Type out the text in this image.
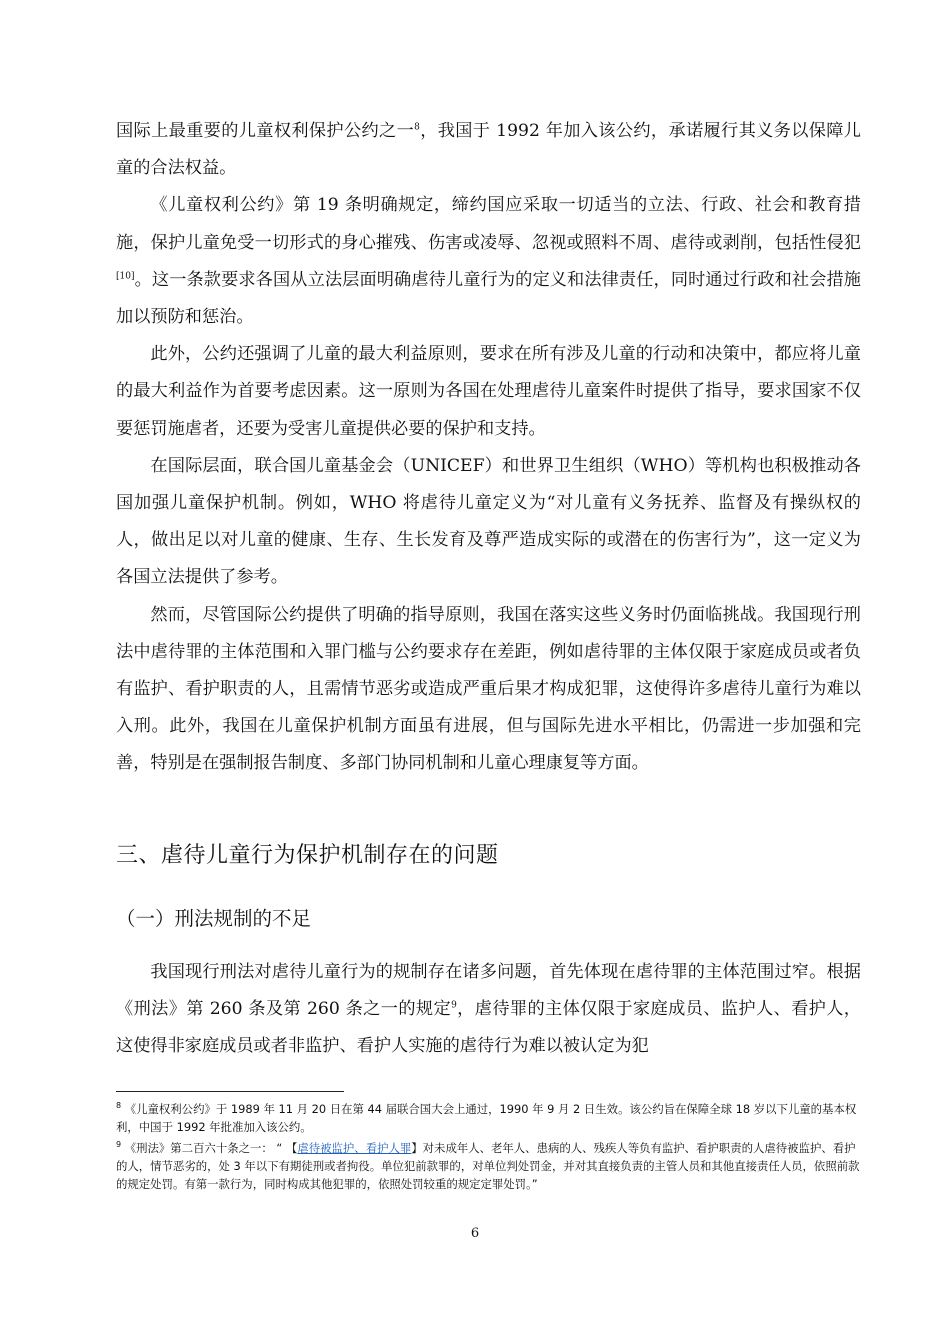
国际上最重要的儿童权利保护公约之一$^8$，我国于 1992 年加入该公约，承诺履行其义务以保障儿童的合法权益。

《儿童权利公约》第 19 条明确规定，缔约国应采取一切适当的立法、行政、社会和教育措施，保护儿童免受一切形式的身心摧残、伤害或凌辱、忽视或照料不周、虐待或剥削，包括性侵犯[10]。这一条款要求各国从立法层面明确虐待儿童行为的定义和法律责任，同时通过行政和社会措施加以预防和惩治。

此外，公约还强调了儿童的最大利益原则，要求在所有涉及儿童的行动和决策中，都应将儿童的最大利益作为首要考虑因素。这一原则为各国在处理虐待儿童案件时提供了指导，要求国家不仅要惩罚施虐者，还要为受害儿童提供必要的保护和支持。

在国际层面，联合国儿童基金会（UNICEF）和世界卫生组织（WHO）等机构也积极推动各国加强儿童保护机制。例如，WHO 将虐待儿童定义为“对儿童有义务抚养、监督及有操纵权的人，做出足以对儿童的健康、生存、生长发育及尊严造成实际的或潜在的伤害行为”，这一定义为各国立法提供了参考。

然而，尽管国际公约提供了明确的指导原则，我国在落实这些义务时仍面临挑战。我国现行刑法中虐待罪的主体范围和入罪门槛与公约要求存在差距，例如虐待罪的主体仅限于家庭成员或者负有监护、看护职责的人，且需情节恶劣或造成严重后果才构成犯罪，这使得许多虐待儿童行为难以入刑。此外，我国在儿童保护机制方面虽有进展，但与国际先进水平相比，仍需进一步加强和完善，特别是在强制报告制度、多部门协同机制和儿童心理康复等方面。

三、虐待儿童行为保护机制存在的问题
（一）刑法规制的不足

我国现行刑法对虐待儿童行为的规制存在诸多问题，首先体现在虐待罪的主体范围过窄。根据《刑法》第 260 条及第 260 条之一的规定$^9$，虐待罪的主体仅限于家庭成员、监护人、看护人，这使得非家庭成员或者非监护、看护人实施的虐待行为难以被认定为犯

$^8$ 《儿童权利公约》于 1989 年 11 月 20 日在第 44 届联合国大会上通过，1990 年 9 月 2 日生效。该公约旨在保障全球 18 岁以下儿童的基本权利，中国于 1992 年批准加入该公约。

$^9$ 《刑法》第二百六十条之一： “ 【虐待被监护、看护人罪】对未成年人、老年人、患病的人、残疾人等负有监护、看护职责的人虐待被监护、看护的人，情节恶劣的，处 3 年以下有期徒刑或者拘役。单位犯前款罪的，对单位判处罚金，并对其直接负责的主管人员和其他直接责任人员，依照前款的规定处罚。有第一款行为，同时构成其他犯罪的，依照处罚较重的规定定罪处罚。”

6
